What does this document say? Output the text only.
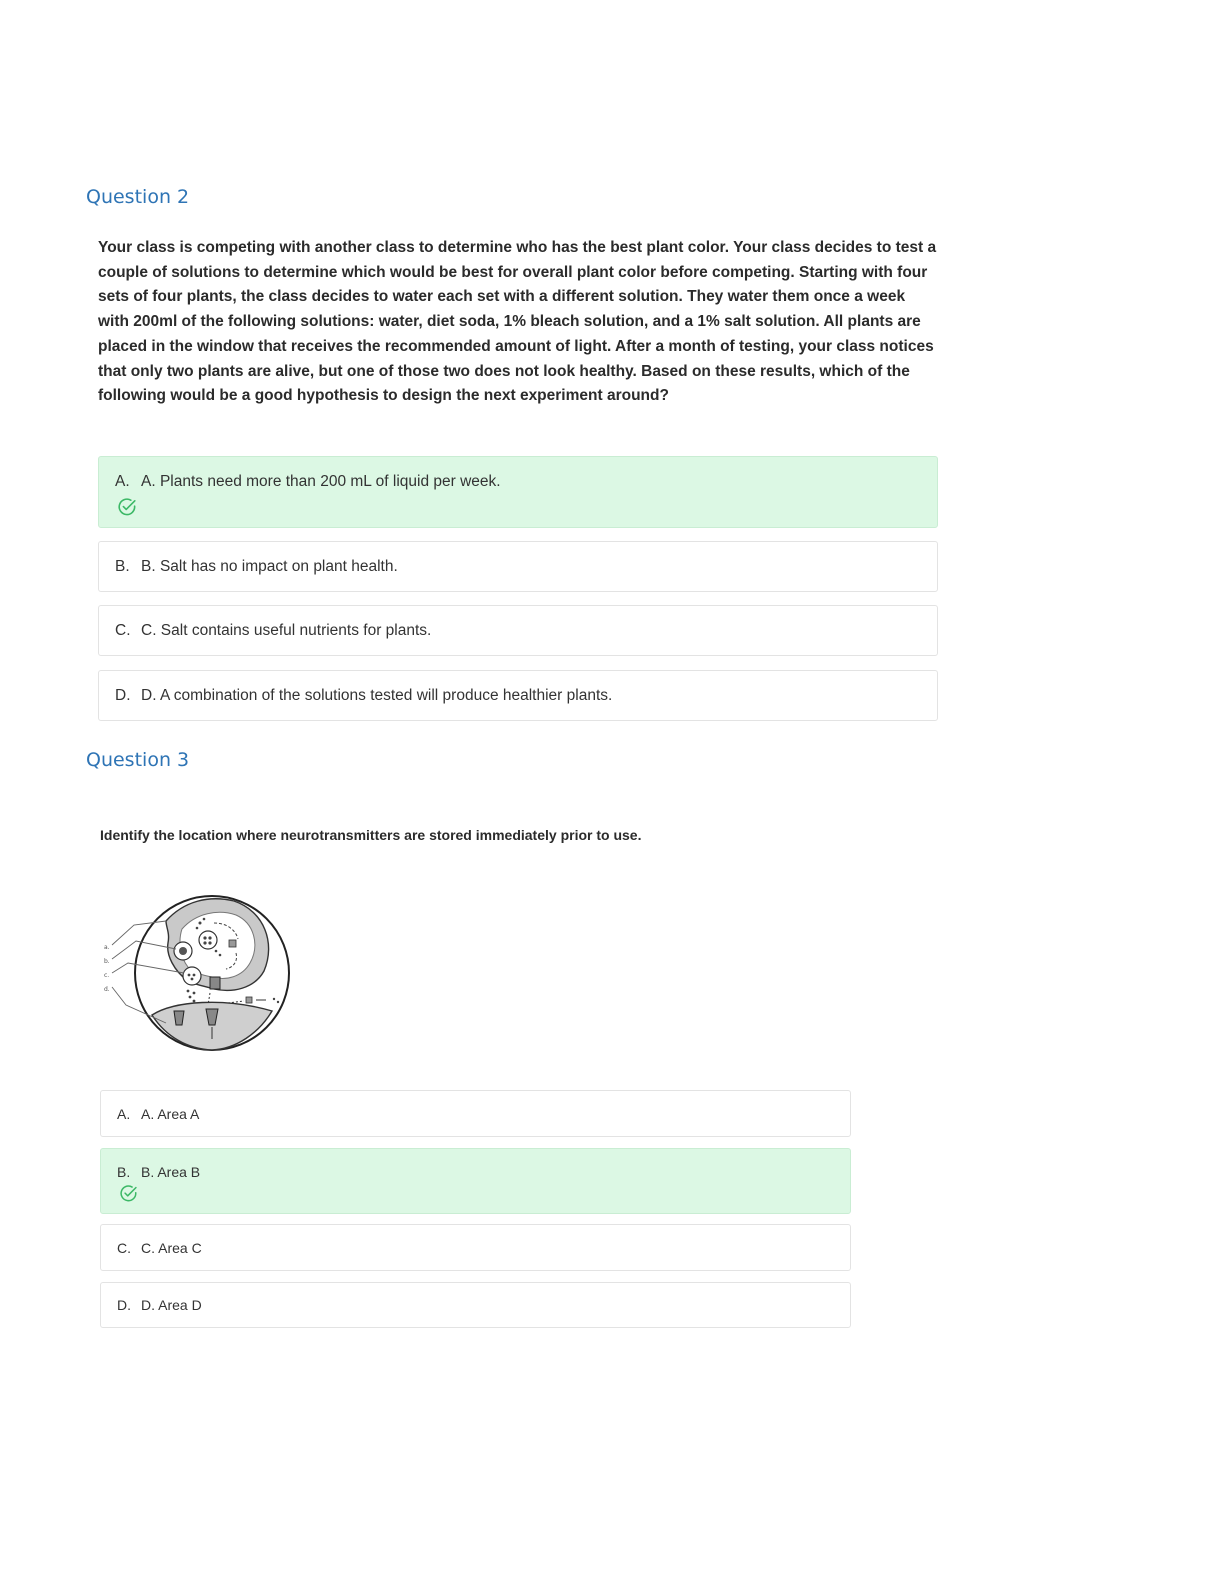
Question 2

Your class is competing with another class to determine who has the best plant color. Your class decides to test a couple of solutions to determine which would be best for overall plant color before competing. Starting with four sets of four plants, the class decides to water each set with a different solution. They water them once a week with 200ml of the following solutions: water, diet soda, 1% bleach solution, and a 1% salt solution. All plants are placed in the window that receives the recommended amount of light. After a month of testing, your class notices that only two plants are alive, but one of those two does not look healthy. Based on these results, which of the following would be a good hypothesis to design the next experiment around?

A. A. Plants need more than 200 mL of liquid per week.
B. B. Salt has no impact on plant health.
C. C. Salt contains useful nutrients for plants.
D. D. A combination of the solutions tested will produce healthier plants.
Question 3

Identify the location where neurotransmitters are stored immediately prior to use.

a.
b.
c.
d.
A. A. Area A
B. B. Area B
C. C. Area C
D. D. Area D
